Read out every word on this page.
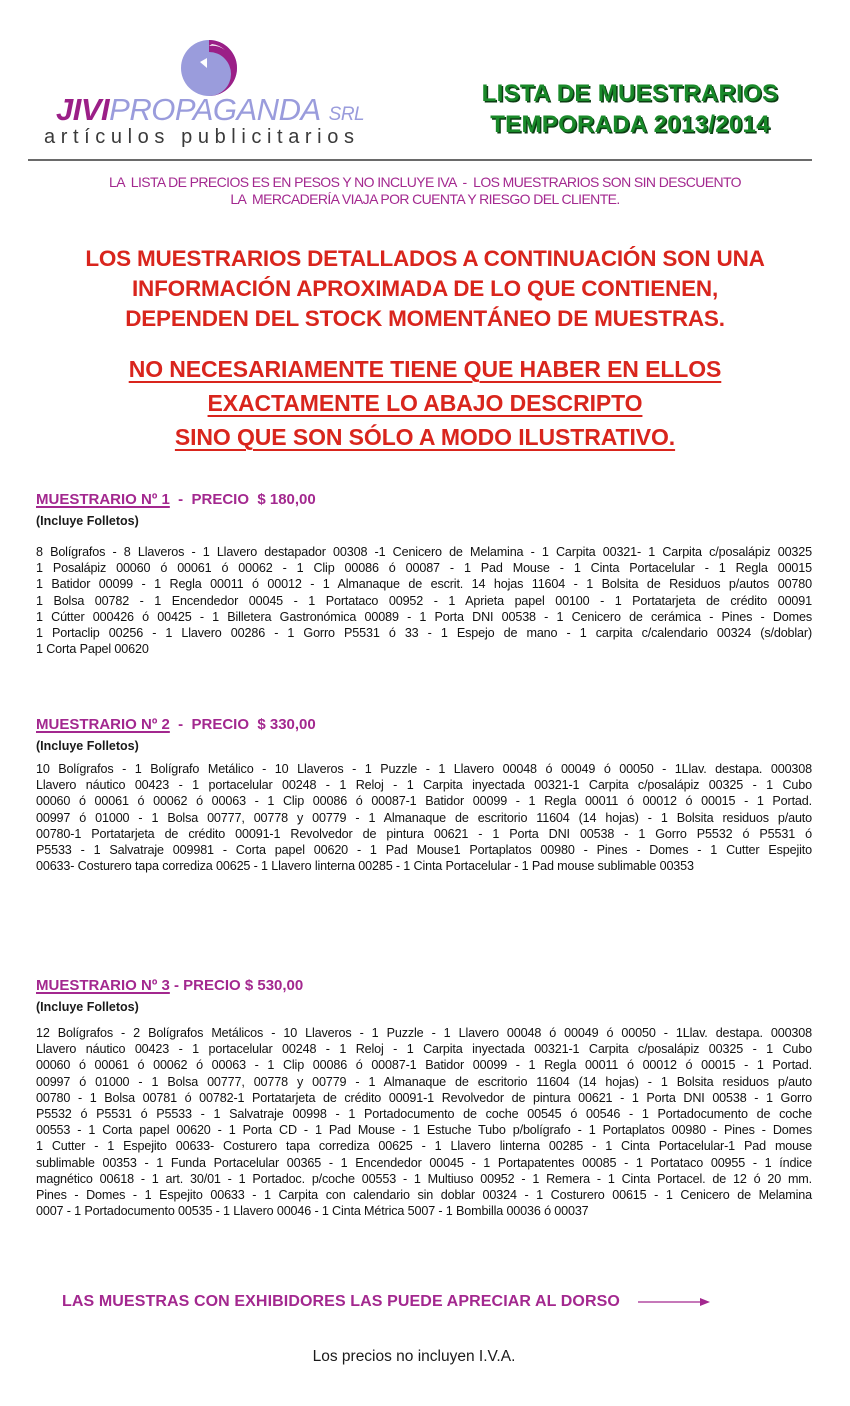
JIVIPROPAGANDA SRL
artículos publicitarios
LISTA DE MUESTRARIOS
TEMPORADA 2013/2014
LA  LISTA DE PRECIOS ES EN PESOS Y NO INCLUYE IVA  -  LOS MUESTRARIOS SON SIN DESCUENTO
LA  MERCADERÍA VIAJA POR CUENTA Y RIESGO DEL CLIENTE.
LOS MUESTRARIOS DETALLADOS A CONTINUACIÓN SON UNA
INFORMACIÓN APROXIMADA DE LO QUE CONTIENEN,
DEPENDEN DEL STOCK MOMENTÁNEO DE MUESTRAS.
NO NECESARIAMENTE TIENE QUE HABER EN ELLOS
EXACTAMENTE LO ABAJO DESCRIPTO
SINO QUE SON SÓLO A MODO ILUSTRATIVO.
MUESTRARIO Nº 1  -  PRECIO  $ 180,00
(Incluye Folletos)
8 Bolígrafos - 8 Llaveros - 1 Llavero destapador 00308 -1 Cenicero de Melamina - 1 Carpita 00321- 1 Carpita c/posalápiz 00325
1 Posalápiz 00060 ó 00061 ó 00062 - 1 Clip 00086 ó 00087 - 1 Pad Mouse - 1 Cinta Portacelular - 1 Regla 00015
1 Batidor 00099 - 1 Regla 00011 ó 00012 - 1 Almanaque de escrit. 14 hojas 11604 - 1 Bolsita de Residuos p/autos 00780
1 Bolsa 00782 - 1 Encendedor 00045 - 1 Portataco 00952 - 1 Aprieta papel 00100 - 1 Portatarjeta de crédito 00091
1 Cútter 000426 ó 00425 - 1 Billetera Gastronómica 00089 - 1 Porta DNI 00538 - 1 Cenicero de cerámica - Pines - Domes
1 Portaclip 00256 - 1 Llavero 00286 - 1 Gorro P5531 ó 33 - 1 Espejo de mano - 1 carpita c/calendario 00324 (s/doblar)
1 Corta Papel 00620
MUESTRARIO Nº 2  -  PRECIO  $ 330,00
(Incluye Folletos)
10 Bolígrafos - 1 Bolígrafo Metálico - 10 Llaveros - 1 Puzzle - 1 Llavero 00048 ó 00049 ó 00050 - 1Llav. destapa. 000308
Llavero náutico 00423 - 1 portacelular 00248 - 1 Reloj - 1 Carpita inyectada 00321-1 Carpita c/posalápiz 00325 - 1 Cubo
00060 ó 00061 ó 00062 ó 00063 - 1 Clip 00086 ó 00087-1 Batidor 00099 - 1 Regla 00011 ó 00012 ó 00015 - 1 Portad.
00997 ó 01000 - 1 Bolsa 00777, 00778 y 00779 - 1 Almanaque de escritorio 11604 (14 hojas) - 1 Bolsita residuos p/auto
00780-1 Portatarjeta de crédito 00091-1 Revolvedor de pintura 00621 - 1 Porta DNI 00538 - 1 Gorro P5532 ó P5531 ó
P5533 - 1 Salvatraje 009981 - Corta papel 00620 - 1 Pad Mouse1 Portaplatos 00980 - Pines - Domes - 1 Cutter Espejito
00633- Costurero tapa corrediza 00625 - 1 Llavero linterna 00285 - 1 Cinta Portacelular - 1 Pad mouse sublimable 00353
MUESTRARIO Nº 3 - PRECIO $ 530,00
(Incluye Folletos)
12 Bolígrafos - 2 Bolígrafos Metálicos - 10 Llaveros - 1 Puzzle - 1 Llavero 00048 ó 00049 ó 00050 - 1Llav. destapa. 000308
Llavero náutico 00423 - 1 portacelular 00248 - 1 Reloj - 1 Carpita inyectada 00321-1 Carpita c/posalápiz 00325 - 1 Cubo
00060 ó 00061 ó 00062 ó 00063 - 1 Clip 00086 ó 00087-1 Batidor 00099 - 1 Regla 00011 ó 00012 ó 00015 - 1 Portad.
00997 ó 01000 - 1 Bolsa 00777, 00778 y 00779 - 1 Almanaque de escritorio 11604 (14 hojas) - 1 Bolsita residuos p/auto
00780 - 1 Bolsa 00781 ó 00782-1 Portatarjeta de crédito 00091-1 Revolvedor de pintura 00621 - 1 Porta DNI 00538 - 1 Gorro
P5532 ó P5531 ó P5533 - 1 Salvatraje 00998 - 1 Portadocumento de coche 00545 ó 00546 - 1 Portadocumento de coche
00553 - 1 Corta papel 00620 - 1 Porta CD - 1 Pad Mouse - 1 Estuche Tubo p/bolígrafo - 1 Portaplatos 00980 - Pines - Domes
1 Cutter - 1 Espejito 00633- Costurero tapa corrediza 00625 - 1 Llavero linterna 00285 - 1 Cinta Portacelular-1 Pad mouse
sublimable 00353 - 1 Funda Portacelular 00365 - 1 Encendedor 00045 - 1 Portapatentes 00085 - 1 Portataco 00955 - 1 índice
magnético 00618 - 1 art. 30/01 - 1 Portadoc. p/coche 00553 - 1 Multiuso 00952 - 1 Remera - 1 Cinta Portacel. de 12 ó 20 mm.
Pines - Domes - 1 Espejito 00633 - 1 Carpita con calendario sin doblar 00324 - 1 Costurero 00615 - 1 Cenicero de Melamina
0007 - 1 Portadocumento 00535 - 1 Llavero 00046 - 1 Cinta Métrica 5007 - 1 Bombilla 00036 ó 00037
LAS MUESTRAS CON EXHIBIDORES LAS PUEDE APRECIAR AL DORSO
Los precios no incluyen I.V.A.
